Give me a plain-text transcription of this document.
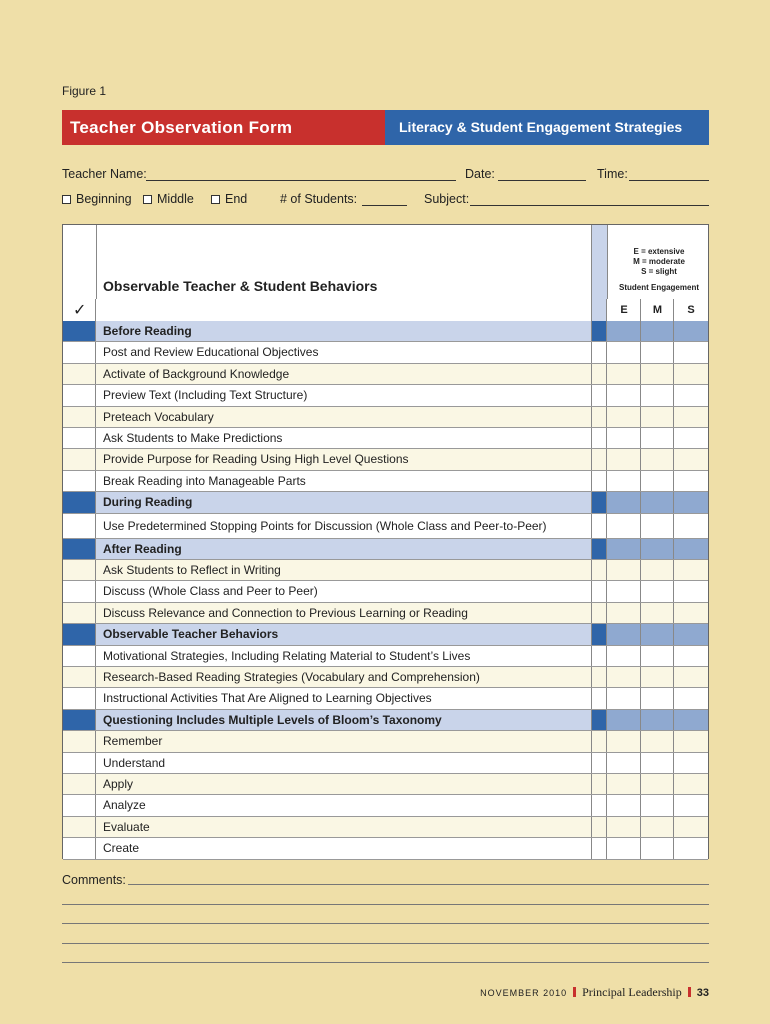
Figure 1
Teacher Observation Form	Literacy & Student Engagement Strategies
Teacher Name:	Date:	Time:
Beginning	Middle	End	# of Students:	Subject:
Observable Teacher & Student Behaviors
E = extensive
M = moderate
S = slight
Student Engagement
✓	E	M	S
Before Reading
Post and Review Educational Objectives
Activate of Background Knowledge
Preview Text (Including Text Structure)
Preteach Vocabulary
Ask Students to Make Predictions
Provide Purpose for Reading Using High Level Questions
Break Reading into Manageable Parts
During Reading
Use Predetermined Stopping Points for Discussion (Whole Class and Peer-to-Peer)
After Reading
Ask Students to Reflect in Writing
Discuss (Whole Class and Peer to Peer)
Discuss Relevance and Connection to Previous Learning or Reading
Observable Teacher Behaviors
Motivational Strategies, Including Relating Material to Student’s Lives
Research-Based Reading Strategies (Vocabulary and Comprehension)
Instructional Activities That Are Aligned to Learning Objectives
Questioning Includes Multiple Levels of Bloom’s Taxonomy
Remember
Understand
Apply
Analyze
Evaluate
Create
Comments:
NOVEMBER 2010 Principal Leadership 33
